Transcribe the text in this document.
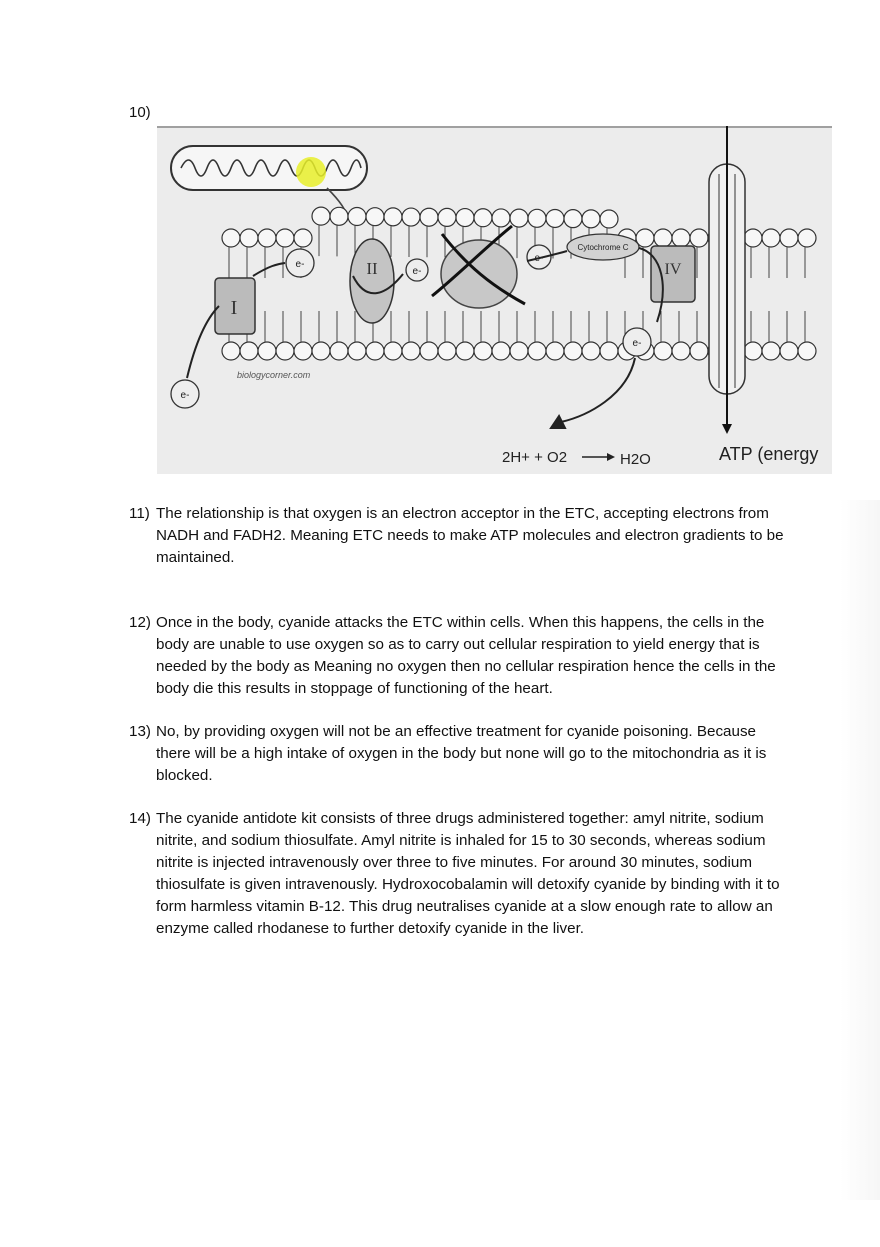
10)
I
II
Cytochrome C
IV
e-
e-
e-
e-
e-
biologycorner.com
2H+ + O2	H2O	ATP (energy
11) The relationship is that oxygen is an electron acceptor in the ETC, accepting electrons from NADH and FADH2. Meaning ETC needs to make ATP molecules and electron gradients to be maintained.
12) Once in the body, cyanide attacks the ETC within cells. When this happens, the cells in the body are unable to use oxygen so as to carry out cellular respiration to yield energy that is needed by the body as Meaning no oxygen then no cellular respiration hence the cells in the body die this results in stoppage of functioning of the heart.
13) No, by providing oxygen will not be an effective treatment for cyanide poisoning. Because there will be a high intake of oxygen in the body but none will go to the mitochondria as it is blocked.
14) The cyanide antidote kit consists of three drugs administered together: amyl nitrite, sodium nitrite, and sodium thiosulfate. Amyl nitrite is inhaled for 15 to 30 seconds, whereas sodium nitrite is injected intravenously over three to five minutes. For around 30 minutes, sodium thiosulfate is given intravenously. Hydroxocobalamin will detoxify cyanide by binding with it to form harmless vitamin B-12. This drug neutralises cyanide at a slow enough rate to allow an enzyme called rhodanese to further detoxify cyanide in the liver.
